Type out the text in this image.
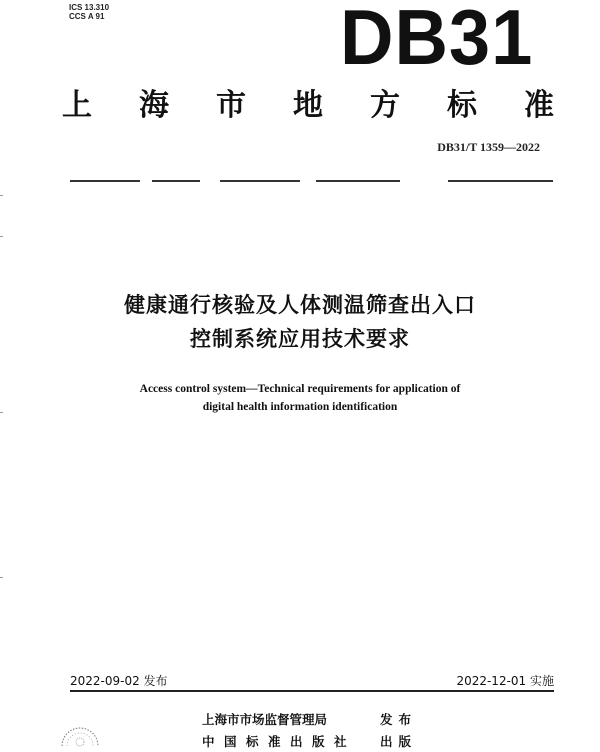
ICS 13.310
CCS A 91	DB31
上 海 市 地 方 标 准
DB31/T 1359—2022
健康通行核验及人体测温筛查出入口
控制系统应用技术要求
Access control system—Technical requirements for application of
digital health information identification
2022-09-02 发布	2022-12-01 实施
上海市市场监督管理局	发布
中国标准出版社	出版
